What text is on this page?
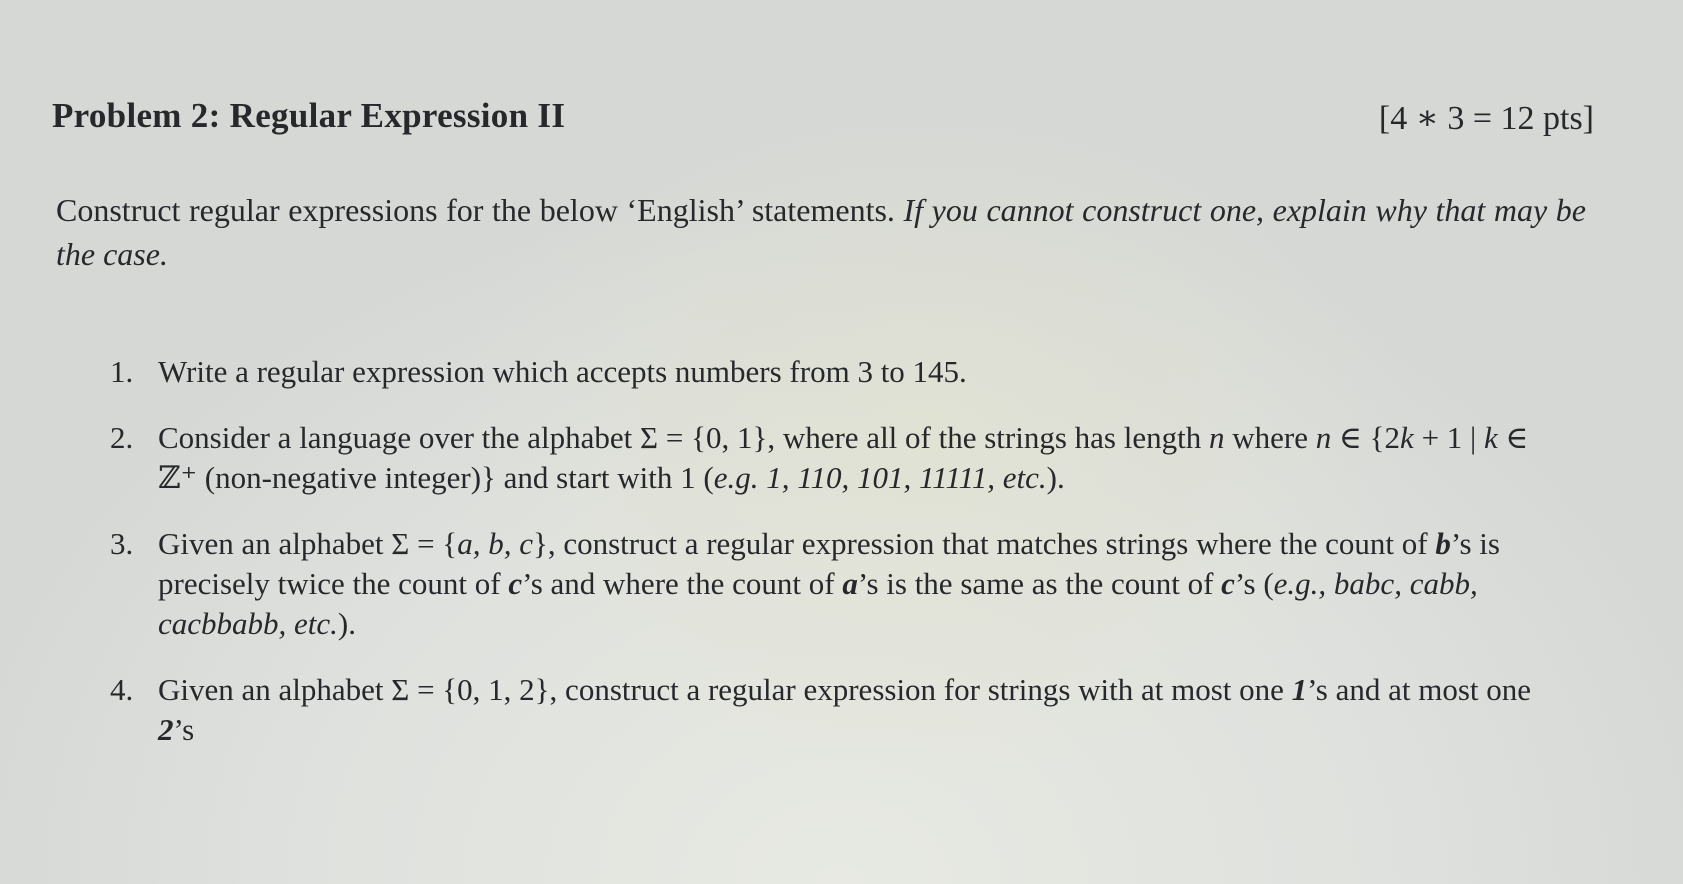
Problem 2: Regular Expression II	[4 ∗ 3 = 12 pts]
Construct regular expressions for the below ‘English’ statements. If you cannot construct one, explain why that may be the case.
1. Write a regular expression which accepts numbers from 3 to 145.
2. Consider a language over the alphabet Σ = {0, 1}, where all of the strings has length n where n ∈ {2k + 1 | k ∈ ℤ⁺ (non-negative integer)} and start with 1 (e.g. 1, 110, 101, 11111, etc.).
3. Given an alphabet Σ = {a, b, c}, construct a regular expression that matches strings where the count of b’s is precisely twice the count of c’s and where the count of a’s is the same as the count of c’s (e.g., babc, cabb, cacbbabb, etc.).
4. Given an alphabet Σ = {0, 1, 2}, construct a regular expression for strings with at most one 1’s and at most one 2’s
